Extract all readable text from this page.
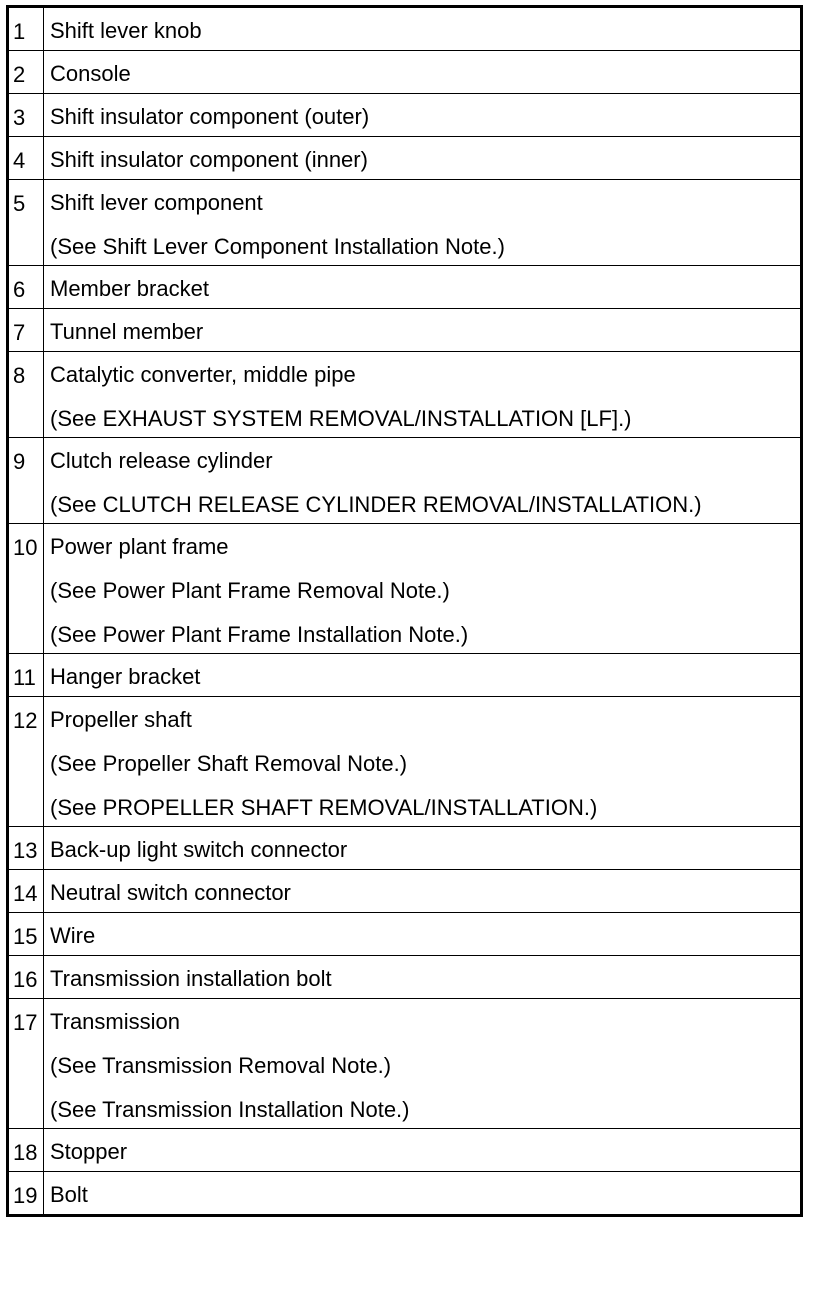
1	Shift lever knob

2	Console

3	Shift insulator component (outer)

4	Shift insulator component (inner)

5	Shift lever component
(See Shift Lever Component Installation Note.)

6	Member bracket

7	Tunnel member

8	Catalytic converter, middle pipe
(See EXHAUST SYSTEM REMOVAL/INSTALLATION [LF].)

9	Clutch release cylinder
(See CLUTCH RELEASE CYLINDER REMOVAL/INSTALLATION.)

10	Power plant frame
(See Power Plant Frame Removal Note.)
(See Power Plant Frame Installation Note.)

11	Hanger bracket

12	Propeller shaft
(See Propeller Shaft Removal Note.)
(See PROPELLER SHAFT REMOVAL/INSTALLATION.)

13	Back-up light switch connector

14	Neutral switch connector

15	Wire

16	Transmission installation bolt

17	Transmission
(See Transmission Removal Note.)
(See Transmission Installation Note.)

18	Stopper

19	Bolt
